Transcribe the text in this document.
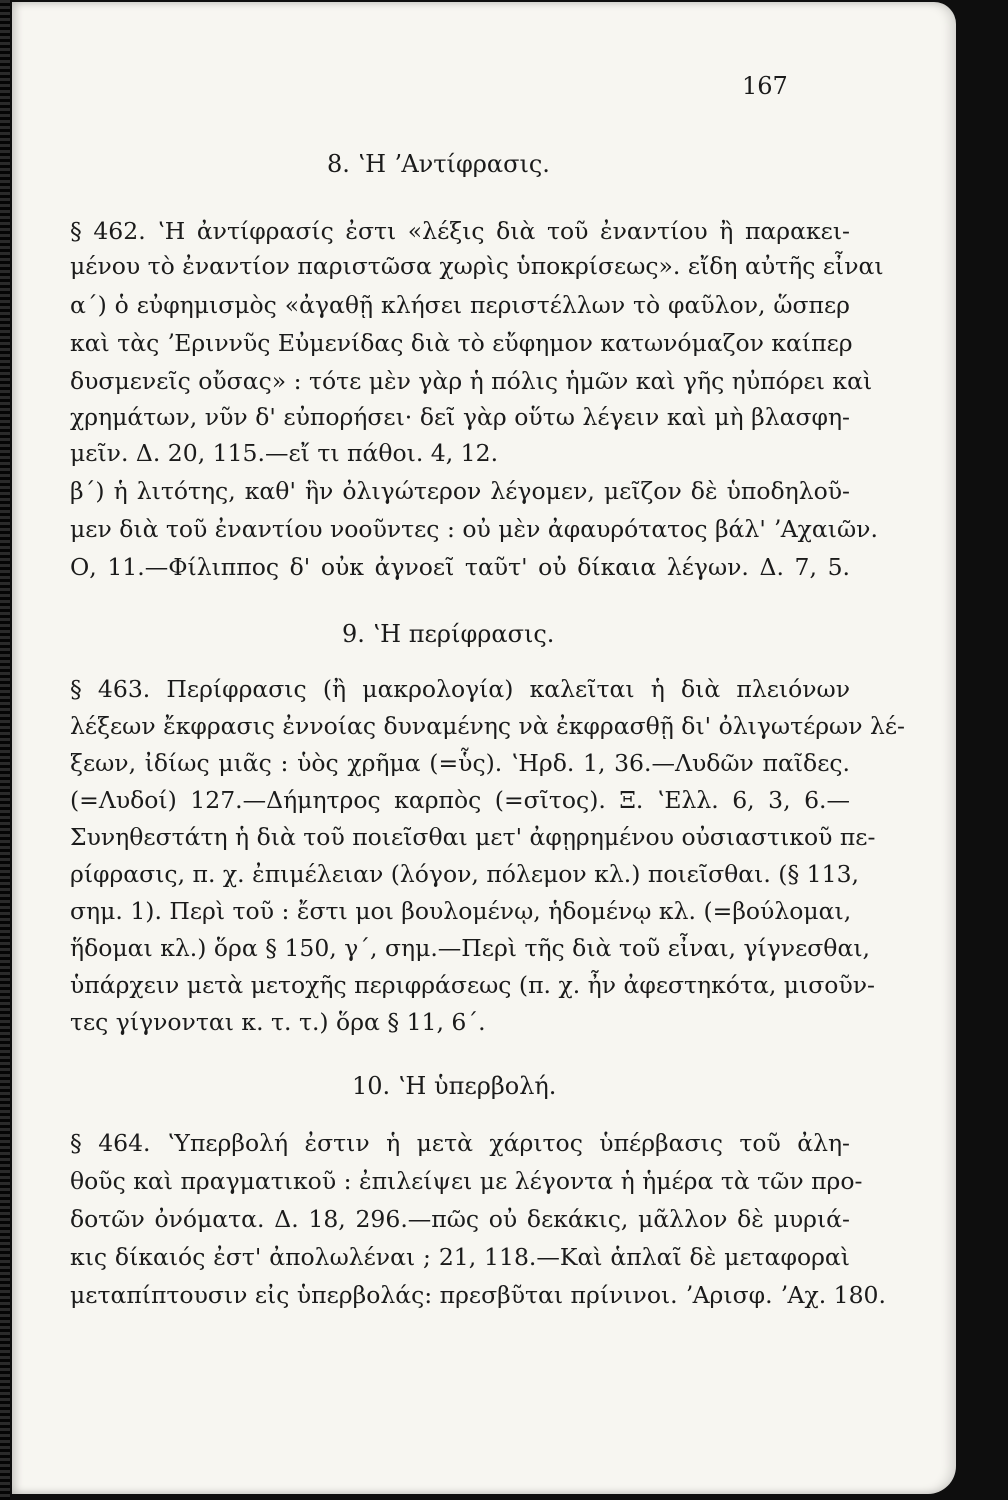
167
8. ʽΗ ʼΑντίφρασις.
§ 462. ʽΗ ἀντίφρασίς ἐστι «λέξις διὰ τοῦ ἐναντίου ἢ παρακει-
μένου τὸ ἐναντίον παριστῶσα χωρὶς ὑποκρίσεως». εἴδη αὐτῆς εἶναι
α´) ὁ εὐφημισμὸς «ἀγαθῇ κλήσει περιστέλλων τὸ φαῦλον, ὥσπερ
καὶ τὰς ʼΕριννῦς Εὐμενίδας διὰ τὸ εὔφημον κατωνόμαζον καίπερ
δυσμενεῖς οὔσας» : τότε μὲν γὰρ ἡ πόλις ἡμῶν καὶ γῆς ηὐπόρει καὶ
χρημάτων, νῦν δ' εὐπορήσει· δεῖ γὰρ οὕτω λέγειν καὶ μὴ βλασφη-
μεῖν. Δ. 20, 115.—εἴ τι πάθοι. 4, 12.
β´) ἡ λιτότης, καθ' ἣν ὀλιγώτερον λέγομεν, μεῖζον δὲ ὑποδηλοῦ-
μεν διὰ τοῦ ἐναντίου νοοῦντες : οὐ μὲν ἀφαυρότατος βάλ' ʼΑχαιῶν.
Ο, 11.—Φίλιππος δ' οὐκ ἀγνοεῖ ταῦτ' οὐ δίκαια λέγων. Δ. 7, 5.
9. ʽΗ περίφρασις.
§ 463. Περίφρασις (ἢ μακρολογία) καλεῖται ἡ διὰ πλειόνων
λέξεων ἔκφρασις ἐννοίας δυναμένης νὰ ἐκφρασθῇ δι' ὀλιγωτέρων λέ-
ξεων, ἰδίως μιᾶς : ὑὸς χρῆμα (=ὗς). ʽΗρδ. 1, 36.—Λυδῶν παῖδες.
(=Λυδοί) 127.—Δήμητρος καρπὸς (=σῖτος). Ξ. ʽΕλλ. 6, 3, 6.—
Συνηθεστάτη ἡ διὰ τοῦ ποιεῖσθαι μετ' ἀφῃρημένου οὐσιαστικοῦ πε-
ρίφρασις, π. χ. ἐπιμέλειαν (λόγον, πόλεμον κλ.) ποιεῖσθαι. (§ 113,
σημ. 1). Περὶ τοῦ : ἔστι μοι βουλομένῳ, ἡδομένῳ κλ. (=βούλομαι,
ἥδομαι κλ.) ὅρα § 150, γ´, σημ.—Περὶ τῆς διὰ τοῦ εἶναι, γίγνεσθαι,
ὑπάρχειν μετὰ μετοχῆς περιφράσεως (π. χ. ἦν ἀφεστηκότα, μισοῦν-
τες γίγνονται κ. τ. τ.) ὅρα § 11, 6´.
10. ʽΗ ὑπερβολή.
§ 464. ʽΥπερβολή ἐστιν ἡ μετὰ χάριτος ὑπέρβασις τοῦ ἀλη-
θοῦς καὶ πραγματικοῦ : ἐπιλείψει με λέγοντα ἡ ἡμέρα τὰ τῶν προ-
δοτῶν ὀνόματα. Δ. 18, 296.—πῶς οὐ δεκάκις, μᾶλλον δὲ μυριά-
κις δίκαιός ἐστ' ἀπολωλέναι ; 21, 118.—Καὶ ἁπλαῖ δὲ μεταφοραὶ
μεταπίπτουσιν εἰς ὑπερβολάς: πρεσβῦται πρίνινοι. ʼΑρισφ. ʼΑχ. 180.
